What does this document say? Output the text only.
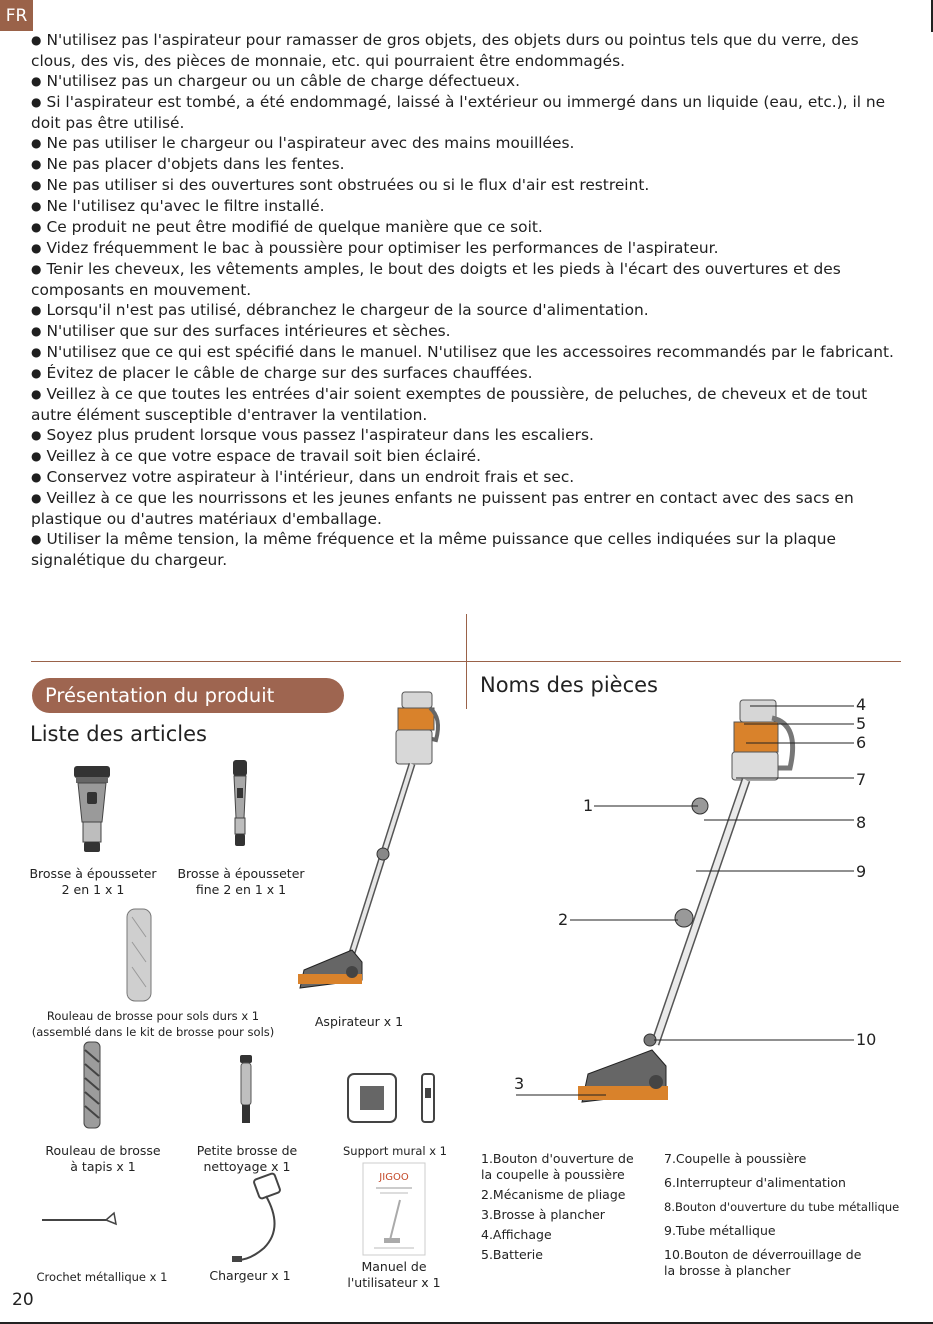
FR

● N'utilisez pas l'aspirateur pour ramasser de gros objets, des objets durs ou pointus tels que du verre, des clous, des vis, des pièces de monnaie, etc. qui pourraient être endommagés.

● N'utilisez pas un chargeur ou un câble de charge défectueux.

● Si l'aspirateur est tombé, a été endommagé, laissé à l'extérieur ou immergé dans un liquide (eau, etc.), il ne doit pas être utilisé.

● Ne pas utiliser le chargeur ou l'aspirateur avec des mains mouillées.

● Ne pas placer d'objets dans les fentes.

● Ne pas utiliser si des ouvertures sont obstruées ou si le flux d'air est restreint.

● Ne l'utilisez qu'avec le filtre installé.

● Ce produit ne peut être modifié de quelque manière que ce soit.

● Videz fréquemment le bac à poussière pour optimiser les performances de l'aspirateur.

● Tenir les cheveux, les vêtements amples, le bout des doigts et les pieds à l'écart des ouvertures et des composants en mouvement.

● Lorsqu'il n'est pas utilisé, débranchez le chargeur de la source d'alimentation.

● N'utiliser que sur des surfaces intérieures et sèches.

● N'utilisez que ce qui est spécifié dans le manuel. N'utilisez que les accessoires recommandés par le fabricant.

● Évitez de placer le câble de charge sur des surfaces chauffées.

● Veillez à ce que toutes les entrées d'air soient exemptes de poussière, de peluches, de cheveux et de tout autre élément susceptible d'entraver la ventilation.

● Soyez plus prudent lorsque vous passez l'aspirateur dans les escaliers.

● Veillez à ce que votre espace de travail soit bien éclairé.

● Conservez votre aspirateur à l'intérieur, dans un endroit frais et sec.

● Veillez à ce que les nourrissons et les jeunes enfants ne puissent pas entrer en contact avec des sacs en plastique ou d'autres matériaux d'emballage.

● Utiliser la même tension, la même fréquence et la même puissance que celles indiquées sur la plaque signalétique du chargeur.

Présentation du produit
Liste des articles
Noms des pièces
Brosse à épousseter
2 en 1 x 1
Brosse à épousseter
fine 2 en 1 x 1
Rouleau de brosse pour sols durs x 1
(assemblé dans le kit de brosse pour sols)
Aspirateur x 1
Rouleau de brosse
à tapis x 1
Petite brosse de
nettoyage x 1
Support mural x 1
Crochet métallique x 1	Chargeur x 1
JIGOO
Manuel de
l'utilisateur x 1
1
2
3
4
5
6
7
8
9
10
1.Bouton d'ouverture de
la coupelle à poussière
2.Mécanisme de pliage
3.Brosse à plancher
4.Affichage
5.Batterie
7.Coupelle à poussière
6.Interrupteur d'alimentation
8.Bouton d'ouverture du tube métallique
9.Tube métallique
10.Bouton de déverrouillage de
la brosse à plancher
20
